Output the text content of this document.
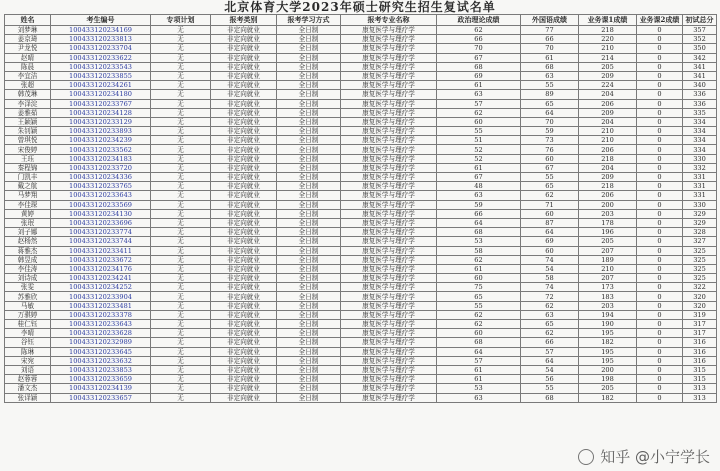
北京体育大学2023年硕士研究生招生复试名单
姓名	考生编号	专项计划	报考类别	报考学习方式	报考专业名称	政治理论成绩	外国语成绩	业务课1成绩	业务课2成绩	初试总分
刘梦琳	100433120234169	无	非定向就业	全日制	康复医学与理疗学	62	77	218	0	357
姜京琦	100433120233813	无	非定向就业	全日制	康复医学与理疗学	66	66	220	0	352
尹龙悦	100433120233704	无	非定向就业	全日制	康复医学与理疗学	70	70	210	0	350
赵晴	100433120233622	无	非定向就业	全日制	康复医学与理疗学	67	61	214	0	342
陈晨	100433120233543	无	非定向就业	全日制	康复医学与理疗学	68	68	205	0	341
李宜洁	100433120233855	无	非定向就业	全日制	康复医学与理疗学	69	63	209	0	341
张超	100433120234261	无	非定向就业	全日制	康复医学与理疗学	61	55	224	0	340
韩茂琳	100433120234180	无	非定向就业	全日制	康复医学与理疗学	63	89	204	0	336
李泽淀	100433120233767	无	非定向就业	全日制	康复医学与理疗学	57	65	206	0	336
姜雅茹	100433120234128	无	非定向就业	全日制	康复医学与理疗学	62	64	209	0	335
王颖颖	100433120233129	无	非定向就业	全日制	康复医学与理疗学	60	70	204	0	334
朱钊颖	100433120233893	无	非定向就业	全日制	康复医学与理疗学	55	59	210	0	334
曾琪悦	100433120234239	无	非定向就业	全日制	康复医学与理疗学	51	73	210	0	334
宋俊婷	100433120233562	无	非定向就业	全日制	康复医学与理疗学	52	76	206	0	334
王珏	100433120234183	无	非定向就业	全日制	康复医学与理疗学	52	60	218	0	330
秦程锦	100433120233720	无	非定向就业	全日制	康复医学与理疗学	61	67	204	0	332
门凯丰	100433120234336	无	非定向就业	全日制	康复医学与理疗学	67	55	209	0	331
戴之航	100433120233765	无	非定向就业	全日制	康复医学与理疗学	48	65	218	0	331
马梦翔	100433120233643	无	非定向就业	全日制	康复医学与理疗学	63	62	206	0	331
李佳琛	100433120233569	无	非定向就业	全日制	康复医学与理疗学	59	71	200	0	330
黄婷	100433120234130	无	非定向就业	全日制	康复医学与理疗学	66	60	203	0	329
张珉	100433120233696	无	非定向就业	全日制	康复医学与理疗学	64	87	178	0	329
刘子娜	100433120233774	无	非定向就业	全日制	康复医学与理疗学	68	64	196	0	328
赵杨然	100433120233744	无	非定向就业	全日制	康复医学与理疗学	53	69	205	0	327
蒋雅杰	100433120233411	无	非定向就业	全日制	康复医学与理疗学	58	60	207	0	325
韩昱成	100433120233672	无	非定向就业	全日制	康复医学与理疗学	62	74	189	0	325
李佳涛	100433120234176	无	非定向就业	全日制	康复医学与理疗学	61	54	210	0	325
刘诗成	100433120234241	无	非定向就业	全日制	康复医学与理疗学	60	58	207	0	325
张雯	100433120234252	无	非定向就业	全日制	康复医学与理疗学	75	74	173	0	322
苏雅欣	100433120233904	无	非定向就业	全日制	康复医学与理疗学	65	72	183	0	320
马敏	100433120233481	无	非定向就业	全日制	康复医学与理疗学	55	62	203	0	320
万骐婷	100433120233378	无	非定向就业	全日制	康复医学与理疗学	62	63	194	0	319
桂仁钰	100433120233643	无	非定向就业	全日制	康复医学与理疗学	62	65	190	0	317
李晴	100433120233628	无	非定向就业	全日制	康复医学与理疗学	60	62	195	0	317
谷钰	100433120232989	无	非定向就业	全日制	康复医学与理疗学	68	66	182	0	316
陈琳	100433120233645	无	非定向就业	全日制	康复医学与理疗学	64	57	195	0	316
宋宛	100433120233632	无	非定向就业	全日制	康复医学与理疗学	57	64	195	0	316
刘语	100433120233853	无	非定向就业	全日制	康复医学与理疗学	61	54	200	0	315
赵蓉蓉	100433120233659	无	非定向就业	全日制	康复医学与理疗学	61	56	198	0	315
潘文杰	100433120234139	无	非定向就业	全日制	康复医学与理疗学	53	55	205	0	313
张译颖	100433120233657	无	非定向就业	全日制	康复医学与理疗学	63	68	182	0	313
知乎 @小宁学长
